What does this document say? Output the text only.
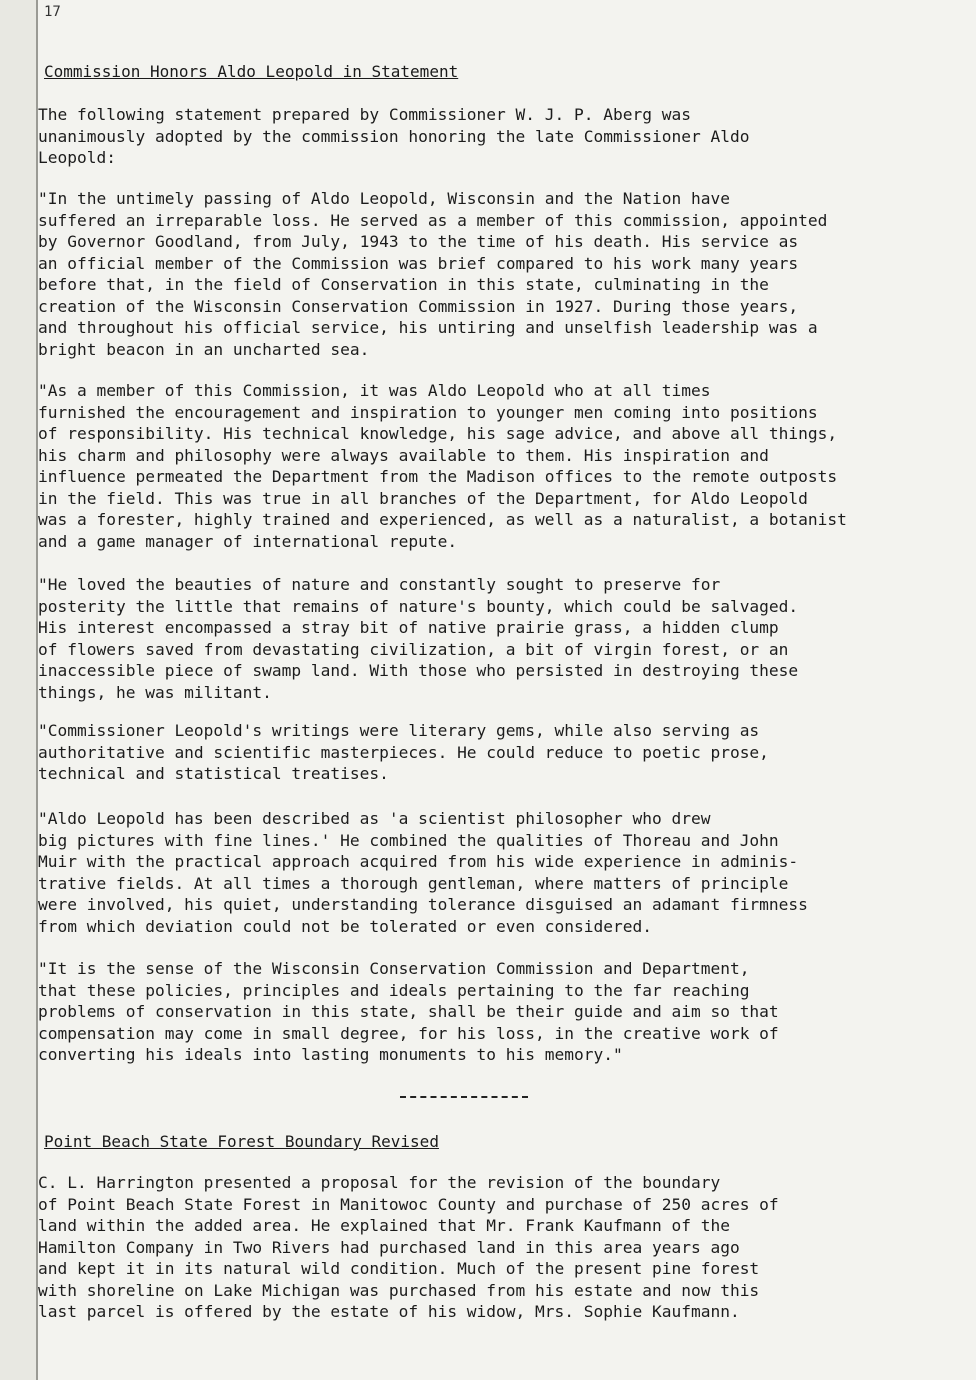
17
Commission Honors Aldo Leopold in Statement
The following statement prepared by Commissioner W. J. P. Aberg was
unanimously adopted by the commission honoring the late Commissioner Aldo
Leopold:
"In the untimely passing of Aldo Leopold, Wisconsin and the Nation have
suffered an irreparable loss. He served as a member of this commission, appointed
by Governor Goodland, from July, 1943 to the time of his death. His service as
an official member of the Commission was brief compared to his work many years
before that, in the field of Conservation in this state, culminating in the
creation of the Wisconsin Conservation Commission in 1927. During those years,
and throughout his official service, his untiring and unselfish leadership was a
bright beacon in an uncharted sea.
"As a member of this Commission, it was Aldo Leopold who at all times
furnished the encouragement and inspiration to younger men coming into positions
of responsibility. His technical knowledge, his sage advice, and above all things,
his charm and philosophy were always available to them. His inspiration and
influence permeated the Department from the Madison offices to the remote outposts
in the field. This was true in all branches of the Department, for Aldo Leopold
was a forester, highly trained and experienced, as well as a naturalist, a botanist
and a game manager of international repute.
"He loved the beauties of nature and constantly sought to preserve for
posterity the little that remains of nature's bounty, which could be salvaged.
His interest encompassed a stray bit of native prairie grass, a hidden clump
of flowers saved from devastating civilization, a bit of virgin forest, or an
inaccessible piece of swamp land. With those who persisted in destroying these
things, he was militant.
"Commissioner Leopold's writings were literary gems, while also serving as
authoritative and scientific masterpieces. He could reduce to poetic prose,
technical and statistical treatises.
"Aldo Leopold has been described as 'a scientist philosopher who drew
big pictures with fine lines.' He combined the qualities of Thoreau and John
Muir with the practical approach acquired from his wide experience in adminis-
trative fields. At all times a thorough gentleman, where matters of principle
were involved, his quiet, understanding tolerance disguised an adamant firmness
from which deviation could not be tolerated or even considered.
"It is the sense of the Wisconsin Conservation Commission and Department,
that these policies, principles and ideals pertaining to the far reaching
problems of conservation in this state, shall be their guide and aim so that
compensation may come in small degree, for his loss, in the creative work of
converting his ideals into lasting monuments to his memory."
Point Beach State Forest Boundary Revised
C. L. Harrington presented a proposal for the revision of the boundary
of Point Beach State Forest in Manitowoc County and purchase of 250 acres of
land within the added area. He explained that Mr. Frank Kaufmann of the
Hamilton Company in Two Rivers had purchased land in this area years ago
and kept it in its natural wild condition. Much of the present pine forest
with shoreline on Lake Michigan was purchased from his estate and now this
last parcel is offered by the estate of his widow, Mrs. Sophie Kaufmann.
